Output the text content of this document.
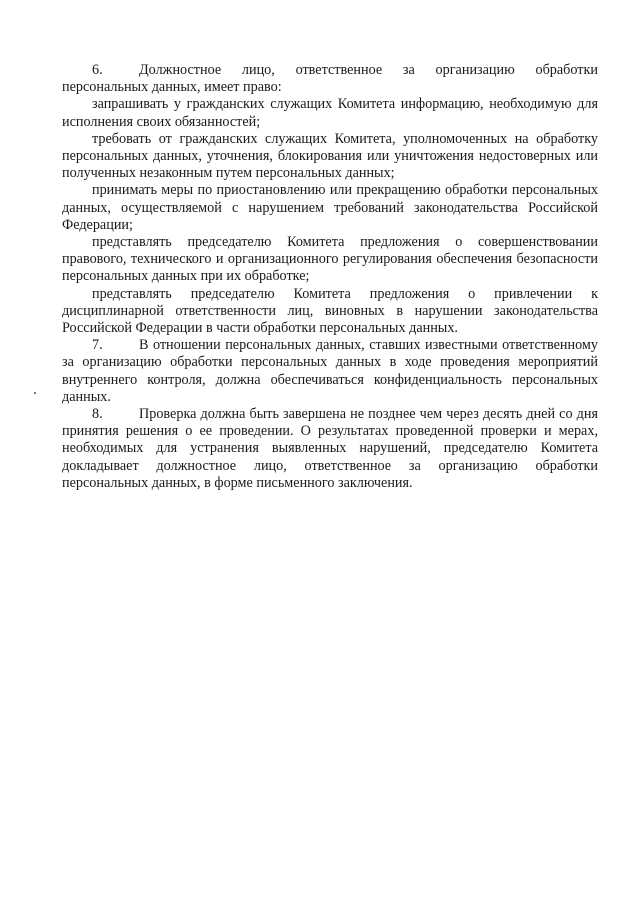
6.	Должностное лицо, ответственное за организацию обработки персональных данных, имеет право:

запрашивать у гражданских служащих Комитета информацию, необходимую для исполнения своих обязанностей;

требовать от гражданских служащих Комитета, уполномоченных на обработку персональных данных, уточнения, блокирования или уничтожения недостоверных или полученных незаконным путем персональных данных;

принимать меры по приостановлению или прекращению обработки персональных данных, осуществляемой с нарушением требований законодательства Российской Федерации;

представлять председателю Комитета предложения о совершенствовании правового, технического и организационного регулирования обеспечения безопасности персональных данных при их обработке;

представлять председателю Комитета предложения о привлечении к дисциплинарной ответственности лиц, виновных в нарушении законодательства Российской Федерации в части обработки персональных данных.

7.	В отношении персональных данных, ставших известными ответственному за организацию обработки персональных данных в ходе проведения мероприятий внутреннего контроля, должна обеспечиваться конфиденциальность персональных данных.

8.	Проверка должна быть завершена не позднее чем через десять дней со дня принятия решения о ее проведении. О результатах проведенной проверки и мерах, необходимых для устранения выявленных нарушений, председателю Комитета докладывает должностное лицо, ответственное за организацию обработки персональных данных, в форме письменного заключения.
